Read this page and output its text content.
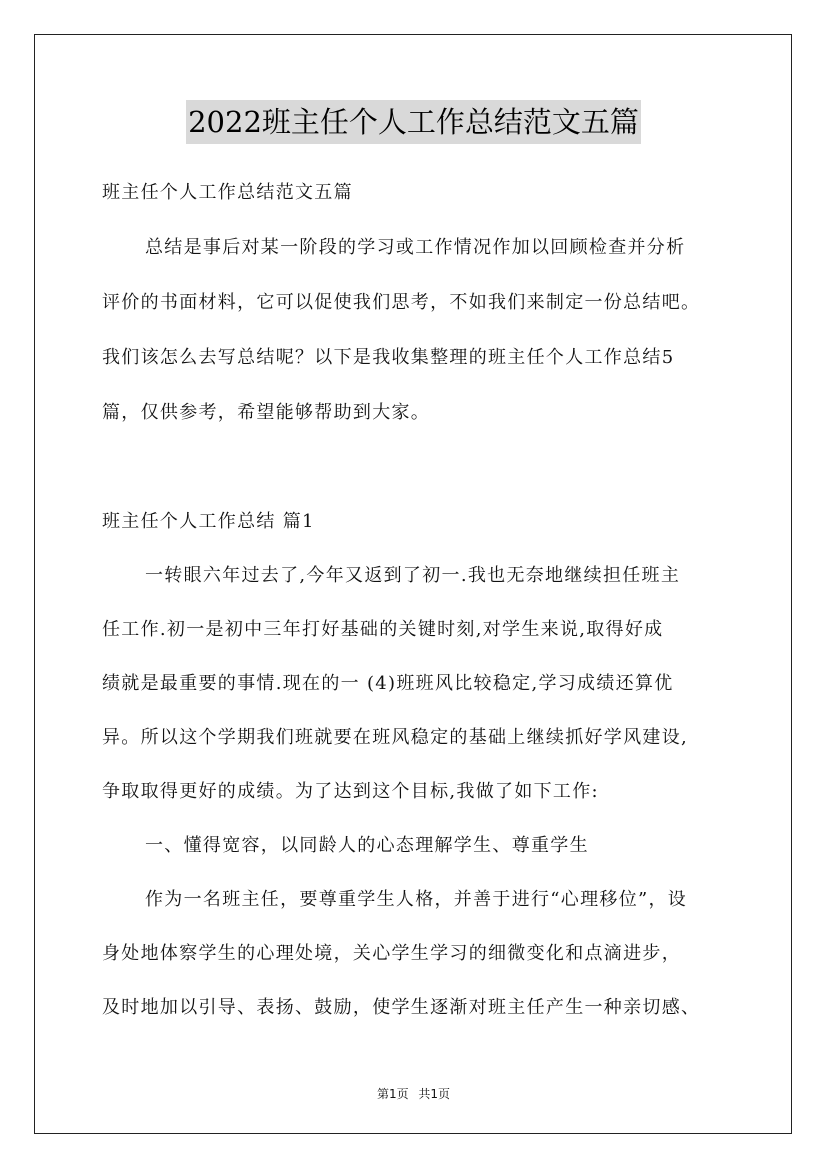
2022班主任个人工作总结范文五篇

班主任个人工作总结范文五篇

总结是事后对某一阶段的学习或工作情况作加以回顾检查并分析

评价的书面材料，它可以促使我们思考，不如我们来制定一份总结吧。

我们该怎么去写总结呢？以下是我收集整理的班主任个人工作总结5

篇，仅供参考，希望能够帮助到大家。

班主任个人工作总结 篇1

一转眼六年过去了,今年又返到了初一.我也无奈地继续担任班主

任工作.初一是初中三年打好基础的关键时刻,对学生来说,取得好成

绩就是最重要的事情.现在的一 (4)班班风比较稳定,学习成绩还算优

异。所以这个学期我们班就要在班风稳定的基础上继续抓好学风建设,

争取取得更好的成绩。为了达到这个目标,我做了如下工作:

一、懂得宽容，以同龄人的心态理解学生、尊重学生

作为一名班主任，要尊重学生人格，并善于进行“心理移位”，设

身处地体察学生的心理处境，关心学生学习的细微变化和点滴进步，

及时地加以引导、表扬、鼓励，使学生逐渐对班主任产生一种亲切感、

第1页 共1页
